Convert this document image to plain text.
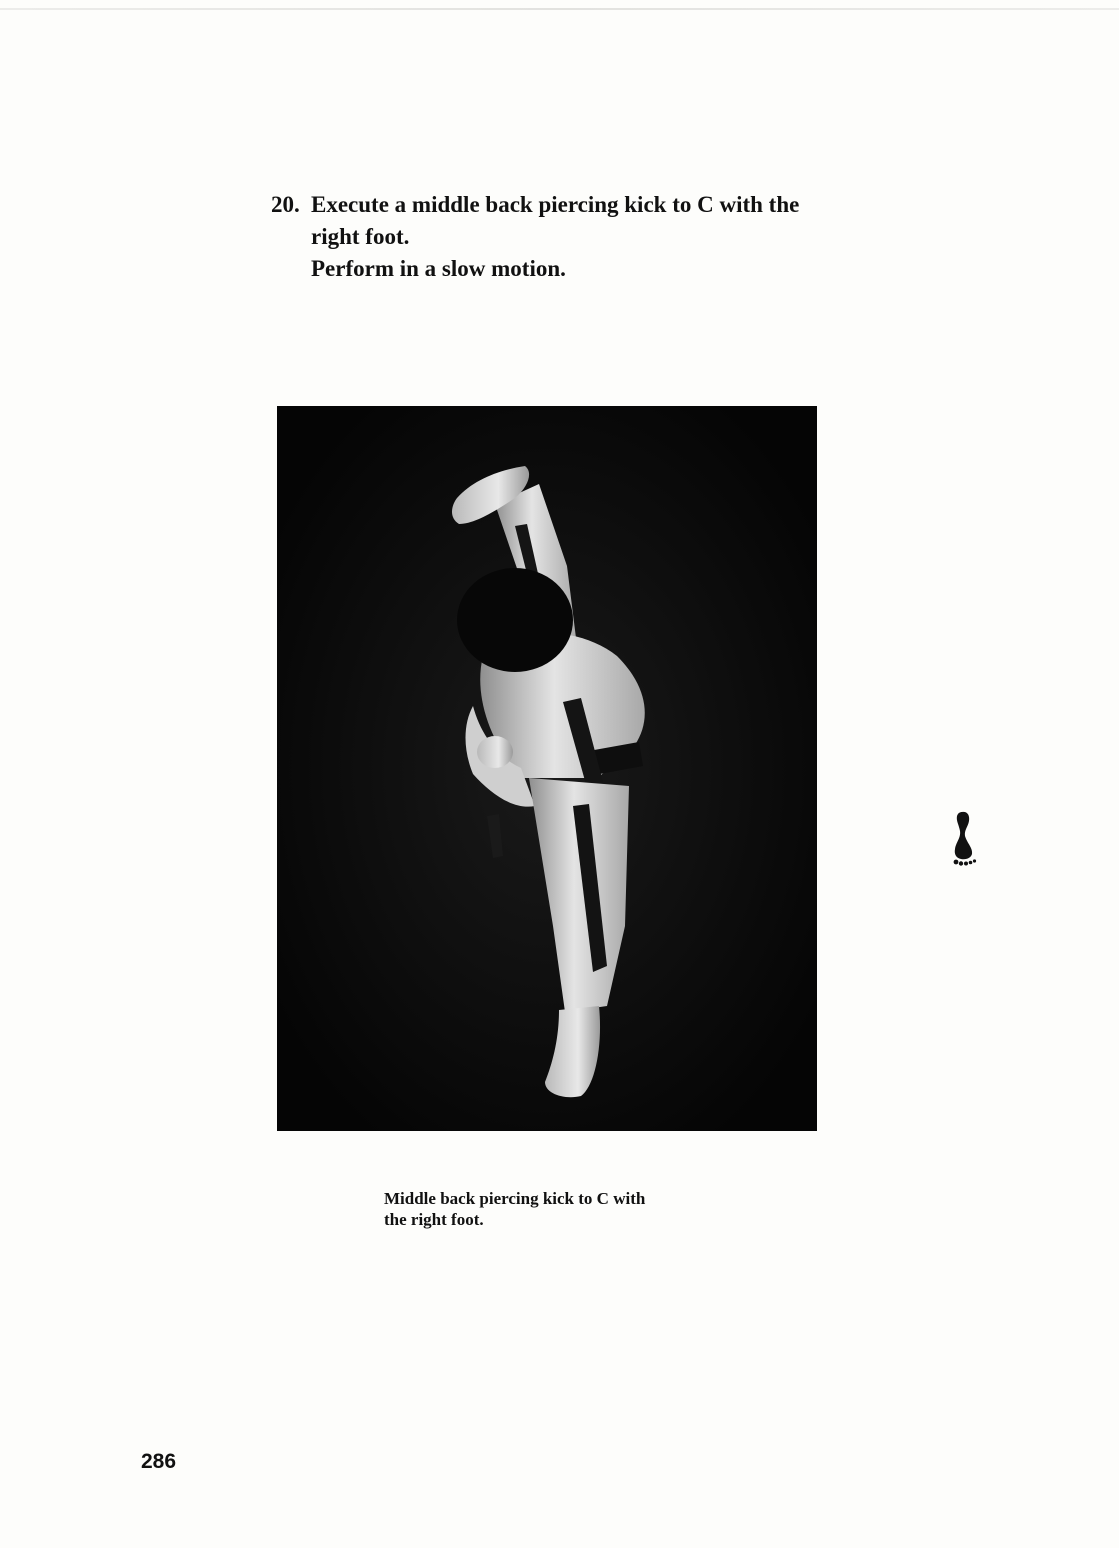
20. Execute a middle back piercing kick to C with the
right foot.
Perform in a slow motion.
Middle back piercing kick to C with
the right foot.
286
